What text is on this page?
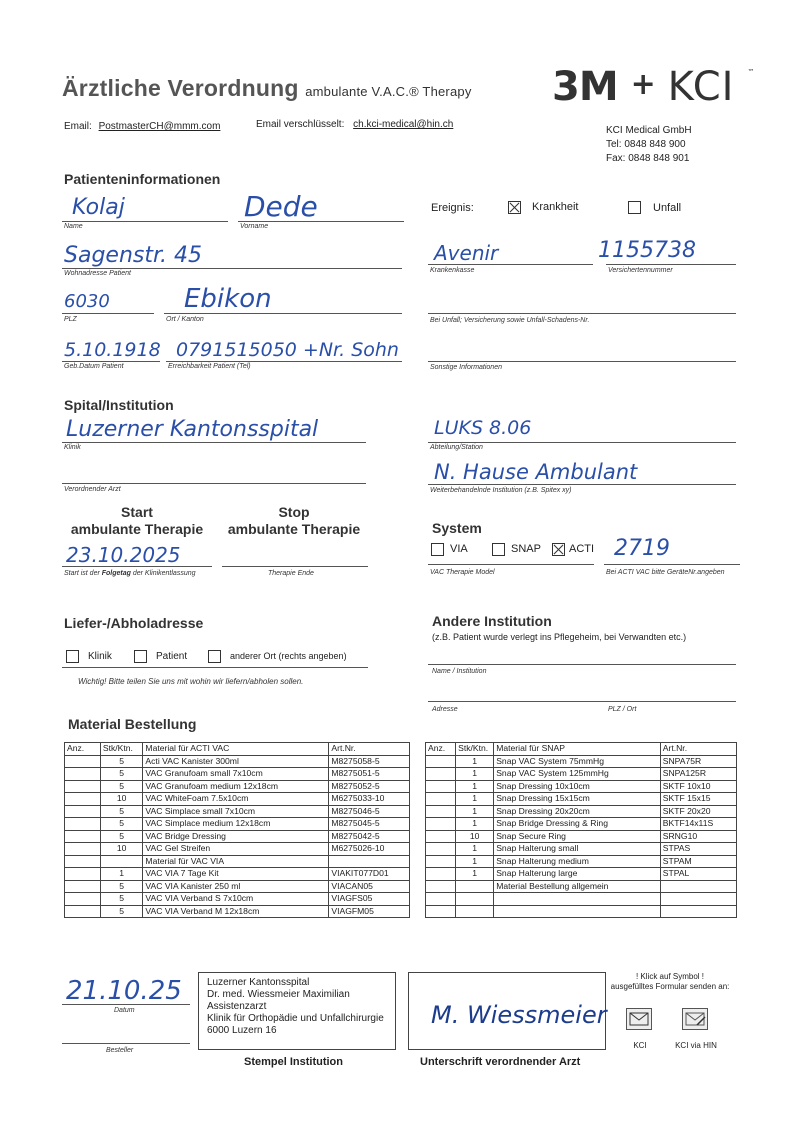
Ärztliche Verordnung ambulante V.A.C.® Therapy 3M + KCI ™
Email: PostmasterCH@mmm.com	Email verschlüsselt: ch.kci-medical@hin.ch
KCI Medical GmbH
Tel: 0848 848 900
Fax: 0848 848 901
Patienteninformationen
Kolaj
Name
Dede
Vorname
Sagenstr. 45
Wohnadresse Patient
6030
PLZ
Ebikon
Ort / Kanton
5.10.1918
Geb.Datum Patient
0791515050 +Nr. Sohn
Erreichbarkeit Patient (Tel)
Ereignis:	Krankheit	Unfall
Avenir
Krankenkasse
1155738
Versichertennummer
Bei Unfall; Versicherung sowie Unfall-Schadens-Nr.
Sonstige Informationen
Spital/Institution
Luzerner Kantonsspital
Klinik
LUKS 8.06
Abteilung/Station
Verordnender Arzt
N. Hause Ambulant
Weiterbehandelnde Institution (z.B. Spitex xy)
Start
ambulante Therapie
Stop
ambulante Therapie
23.10.2025
Start ist der Folgetag der Klinikentlassung	Therapie Ende
System
VIA	SNAP	ACTI 2719
VAC Therapie Model	Bei ACTI VAC bitte GeräteNr.angeben
Liefer-/Abholadresse
Klinik	Patient	anderer Ort (rechts angeben)
Wichtig! Bitte teilen Sie uns mit wohin wir liefern/abholen sollen.
Andere Institution
(z.B. Patient wurde verlegt ins Pflegeheim, bei Verwandten etc.)
Name / Institution
Adresse	PLZ / Ort
Material Bestellung
Anz.	Stk/Ktn.	Material für ACTI VAC	Art.Nr.
	5	Acti VAC Kanister 300ml	M8275058-5
	5	VAC Granufoam small 7x10cm	M8275051-5
	5	VAC Granufoam medium 12x18cm	M8275052-5
	10	VAC WhiteFoam 7.5x10cm	M6275033-10
	5	VAC Simplace small 7x10cm	M8275046-5
	5	VAC Simplace medium 12x18cm	M8275045-5
	5	VAC Bridge Dressing	M8275042-5
	10	VAC Gel Streifen	M6275026-10
		Material für VAC VIA	
	1	VAC VIA 7 Tage Kit	VIAKIT077D01
	5	VAC VIA Kanister 250 ml	VIACAN05
	5	VAC VIA Verband S 7x10cm	VIAGFS05
	5	VAC VIA Verband M 12x18cm	VIAGFM05
Anz.	Stk/Ktn.	Material für SNAP	Art.Nr.
	1	Snap VAC System 75mmHg	SNPA75R
	1	Snap VAC System 125mmHg	SNPA125R
	1	Snap Dressing 10x10cm	SKTF 10x10
	1	Snap Dressing 15x15cm	SKTF 15x15
	1	Snap Dressing 20x20cm	SKTF 20x20
	1	Snap Bridge Dressing & Ring	BKTF14x11S
	10	Snap Secure Ring	SRNG10
	1	Snap Halterung small	STPAS
	1	Snap Halterung medium	STPAM
	1	Snap Halterung large	STPAL
		Material Bestellung allgemein	

21.10.25
Datum
Besteller
Luzerner Kantonsspital
Dr. med. Wiessmeier Maximilian
Assistenzarzt
Klinik für Orthopädie und Unfallchirurgie
6000 Luzern 16
Stempel Institution
M. Wiessmeier
Unterschrift verordnender Arzt
! Klick auf Symbol !
ausgefülltes Formular senden an:
KCI	KCI via HIN
